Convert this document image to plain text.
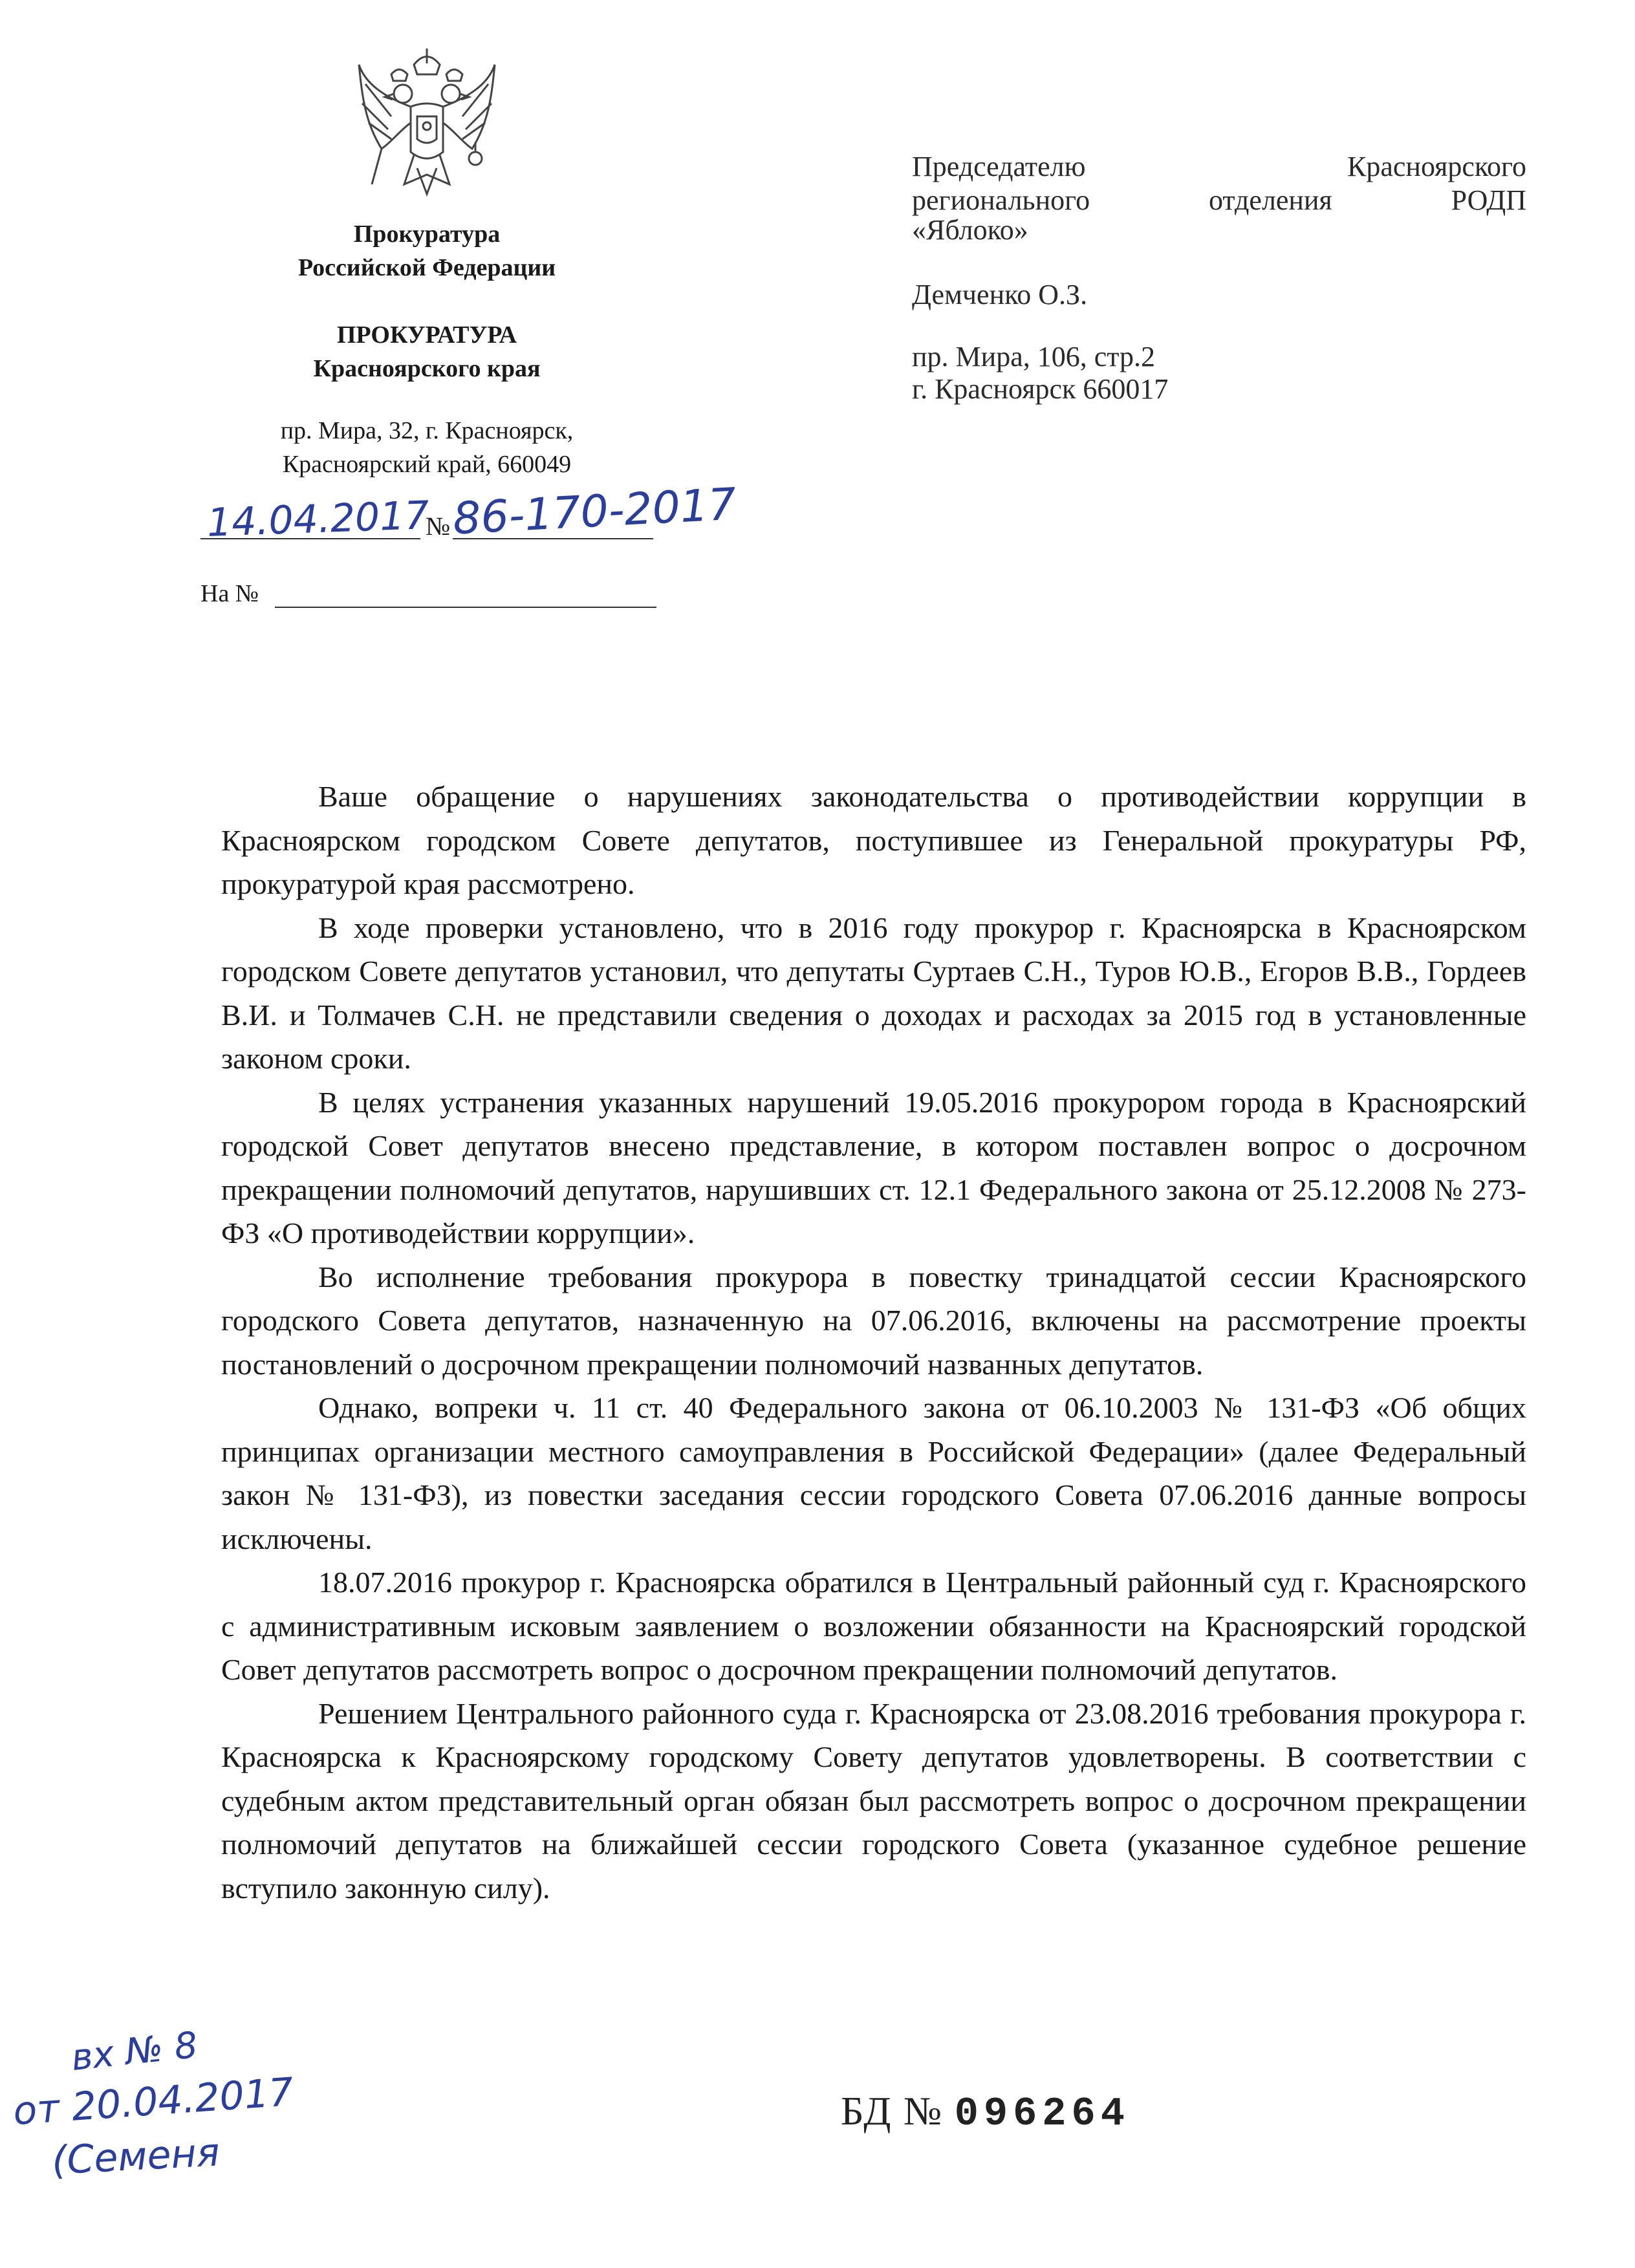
Прокуратура
Российской Федерации
ПРОКУРАТУРА
Красноярского края
пр. Мира, 32, г. Красноярск,
Красноярский край, 660049
14.04.2017
№ 86-170-2017
На №
Председателю	Красноярского
регионального	отделения	РОДП
«Яблоко»
Демченко О.З.
пр. Мира, 106, стр.2
г. Красноярск 660017

Ваше обращение о нарушениях законодательства о противодействии коррупции в Красноярском городском Совете депутатов, поступившее из Генеральной прокуратуры РФ, прокуратурой края рассмотрено.

В ходе проверки установлено, что в 2016 году прокурор г. Красноярска в Красноярском городском Совете депутатов установил, что депутаты Суртаев С.Н., Туров Ю.В., Егоров В.В., Гордеев В.И. и Толмачев С.Н. не представили сведения о доходах и расходах за 2015 год в установленные законом сроки.

В целях устранения указанных нарушений 19.05.2016 прокурором города в Красноярский городской Совет депутатов внесено представление, в котором поставлен вопрос о досрочном прекращении полномочий депутатов, нарушивших ст. 12.1 Федерального закона от 25.12.2008 № 273-ФЗ «О противодействии коррупции».

Во исполнение требования прокурора в повестку тринадцатой сессии Красноярского городского Совета депутатов, назначенную на 07.06.2016, включены на рассмотрение проекты постановлений о досрочном прекращении полномочий названных депутатов.

Однако, вопреки ч. 11 ст. 40 Федерального закона от 06.10.2003 № 131-ФЗ «Об общих принципах организации местного самоуправления в Российской Федерации» (далее Федеральный закон № 131-ФЗ), из повестки заседания сессии городского Совета 07.06.2016 данные вопросы исключены.

18.07.2016 прокурор г. Красноярска обратился в Центральный районный суд г. Красноярского с административным исковым заявлением о возложении обязанности на Красноярский городской Совет депутатов рассмотреть вопрос о досрочном прекращении полномочий депутатов.

Решением Центрального районного суда г. Красноярска от 23.08.2016 требования прокурора г. Красноярска к Красноярскому городскому Совету депутатов удовлетворены. В соответствии с судебным актом представительный орган обязан был рассмотреть вопрос о досрочном прекращении полномочий депутатов на ближайшей сессии городского Совета (указанное судебное решение вступило законную силу).

вх № 8
от 20.04.2017
(Семеня
БД № 096264
